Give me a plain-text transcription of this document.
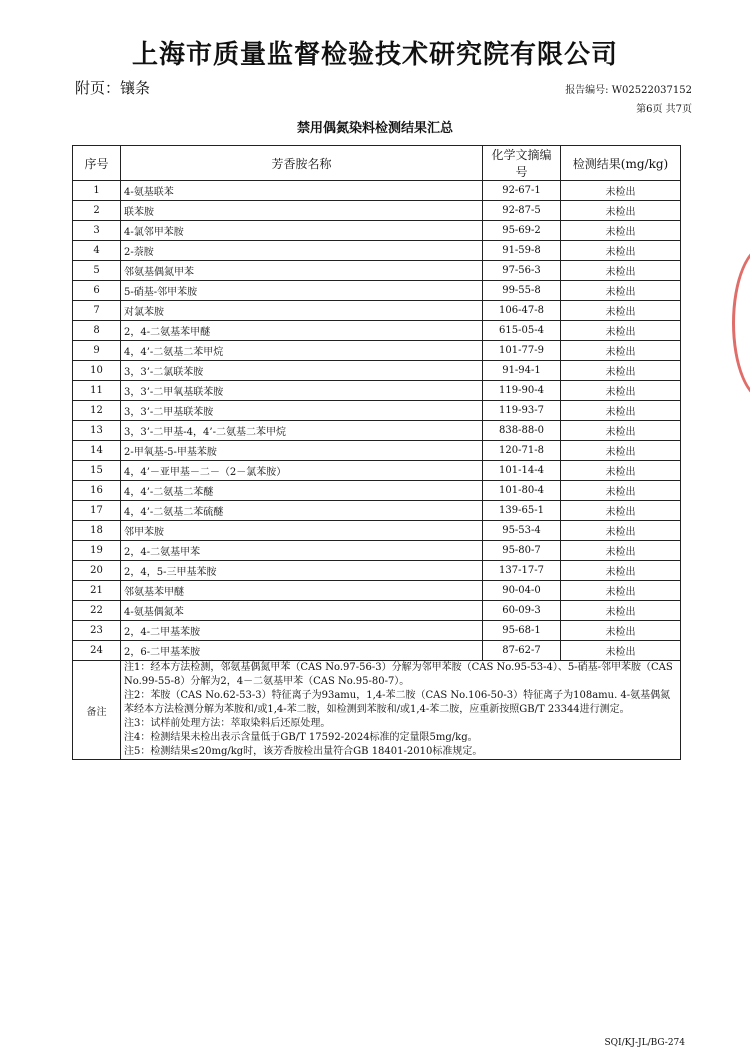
上海市质量监督检验技术研究院有限公司
附页：镶条	报告编号: W02522037152
第6页 共7页
禁用偶氮染料检测结果汇总
序号	芳香胺名称	化学文摘编号	检测结果(mg/kg)
1	4-氨基联苯	92-67-1	未检出
2	联苯胺	92-87-5	未检出
3	4-氯邻甲苯胺	95-69-2	未检出
4	2-萘胺	91-59-8	未检出
5	邻氨基偶氮甲苯	97-56-3	未检出
6	5-硝基-邻甲苯胺	99-55-8	未检出
7	对氯苯胺	106-47-8	未检出
8	2，4-二氨基苯甲醚	615-05-4	未检出
9	4，4’-二氨基二苯甲烷	101-77-9	未检出
10	3，3’-二氯联苯胺	91-94-1	未检出
11	3，3’-二甲氧基联苯胺	119-90-4	未检出
12	3，3’-二甲基联苯胺	119-93-7	未检出
13	3，3’-二甲基-4，4’-二氨基二苯甲烷	838-88-0	未检出
14	2-甲氧基-5-甲基苯胺	120-71-8	未检出
15	4，4’－亚甲基－二－（2－氯苯胺）	101-14-4	未检出
16	4，4’-二氨基二苯醚	101-80-4	未检出
17	4，4’-二氨基二苯硫醚	139-65-1	未检出
18	邻甲苯胺	95-53-4	未检出
19	2，4-二氨基甲苯	95-80-7	未检出
20	2，4，5-三甲基苯胺	137-17-7	未检出
21	邻氨基苯甲醚	90-04-0	未检出
22	4-氨基偶氮苯	60-09-3	未检出
23	2，4-二甲基苯胺	95-68-1	未检出
24	2，6-二甲基苯胺	87-62-7	未检出
备注	注1：经本方法检测，邻氨基偶氮甲苯（CAS No.97-56-3）分解为邻甲苯胺（CAS No.95-53-4）、5-硝基-邻甲苯胺（CAS No.99-55-8）分解为2，4－二氨基甲苯（CAS No.95-80-7）。
注2：苯胺（CAS No.62-53-3）特征离子为93amu，1,4-苯二胺（CAS No.106-50-3）特征离子为108amu. 4-氨基偶氮苯经本方法检测分解为苯胺和/或1,4-苯二胺，如检测到苯胺和/或1,4-苯二胺，应重新按照GB/T 23344进行测定。
注3：试样前处理方法：萃取染料后还原处理。
注4：检测结果未检出表示含量低于GB/T 17592-2024标准的定量限5mg/kg。
注5：检测结果≤20mg/kg时，该芳香胺检出量符合GB 18401-2010标准规定。		
SQI/KJ-JL/BG-274
